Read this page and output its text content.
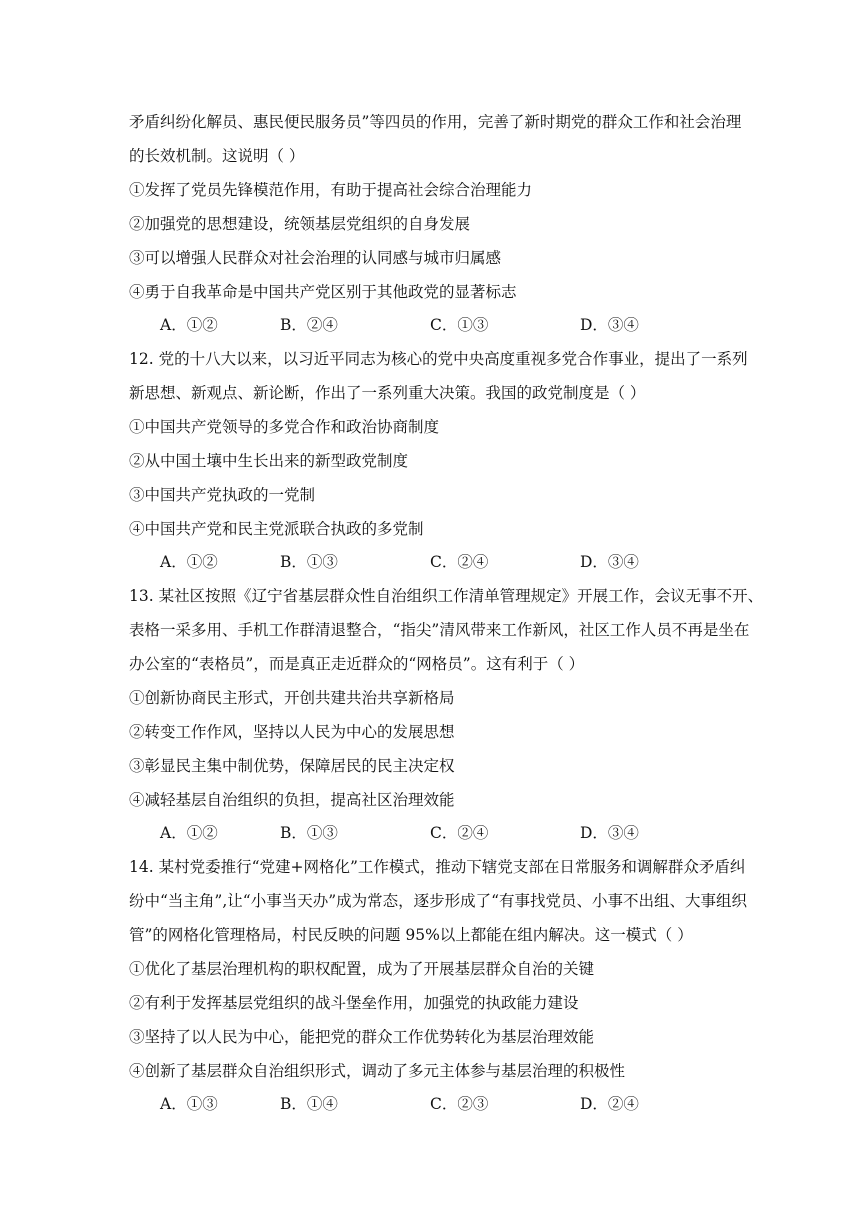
矛盾纠纷化解员、惠民便民服务员”等四员的作用，完善了新时期党的群众工作和社会治理
的长效机制。这说明（ ）
①发挥了党员先锋模范作用，有助于提高社会综合治理能力
②加强党的思想建设，统领基层党组织的自身发展
③可以增强人民群众对社会治理的认同感与城市归属感
④勇于自我革命是中国共产党区别于其他政党的显著标志
A．①②	B．②④	C．①③	D．③④
12. 党的十八大以来，以习近平同志为核心的党中央高度重视多党合作事业，提出了一系列
新思想、新观点、新论断，作出了一系列重大决策。我国的政党制度是（ ）
①中国共产党领导的多党合作和政治协商制度
②从中国土壤中生长出来的新型政党制度
③中国共产党执政的一党制
④中国共产党和民主党派联合执政的多党制
A．①②	B．①③	C．②④	D．③④
13. 某社区按照《辽宁省基层群众性自治组织工作清单管理规定》开展工作，会议无事不开、
表格一采多用、手机工作群清退整合，“指尖”清风带来工作新风，社区工作人员不再是坐在
办公室的“表格员”，而是真正走近群众的“网格员”。这有利于（ ）
①创新协商民主形式，开创共建共治共享新格局
②转变工作作风，坚持以人民为中心的发展思想
③彰显民主集中制优势，保障居民的民主决定权
④减轻基层自治组织的负担，提高社区治理效能
A．①②	B．①③	C．②④	D．③④
14. 某村党委推行“党建+网格化”工作模式，推动下辖党支部在日常服务和调解群众矛盾纠
纷中“当主角”,让“小事当天办”成为常态，逐步形成了“有事找党员、小事不出组、大事组织
管”的网格化管理格局，村民反映的问题 95%以上都能在组内解决。这一模式（ ）
①优化了基层治理机构的职权配置，成为了开展基层群众自治的关键
②有利于发挥基层党组织的战斗堡垒作用，加强党的执政能力建设
③坚持了以人民为中心，能把党的群众工作优势转化为基层治理效能
④创新了基层群众自治组织形式，调动了多元主体参与基层治理的积极性
A．①③	B．①④	C．②③	D．②④
